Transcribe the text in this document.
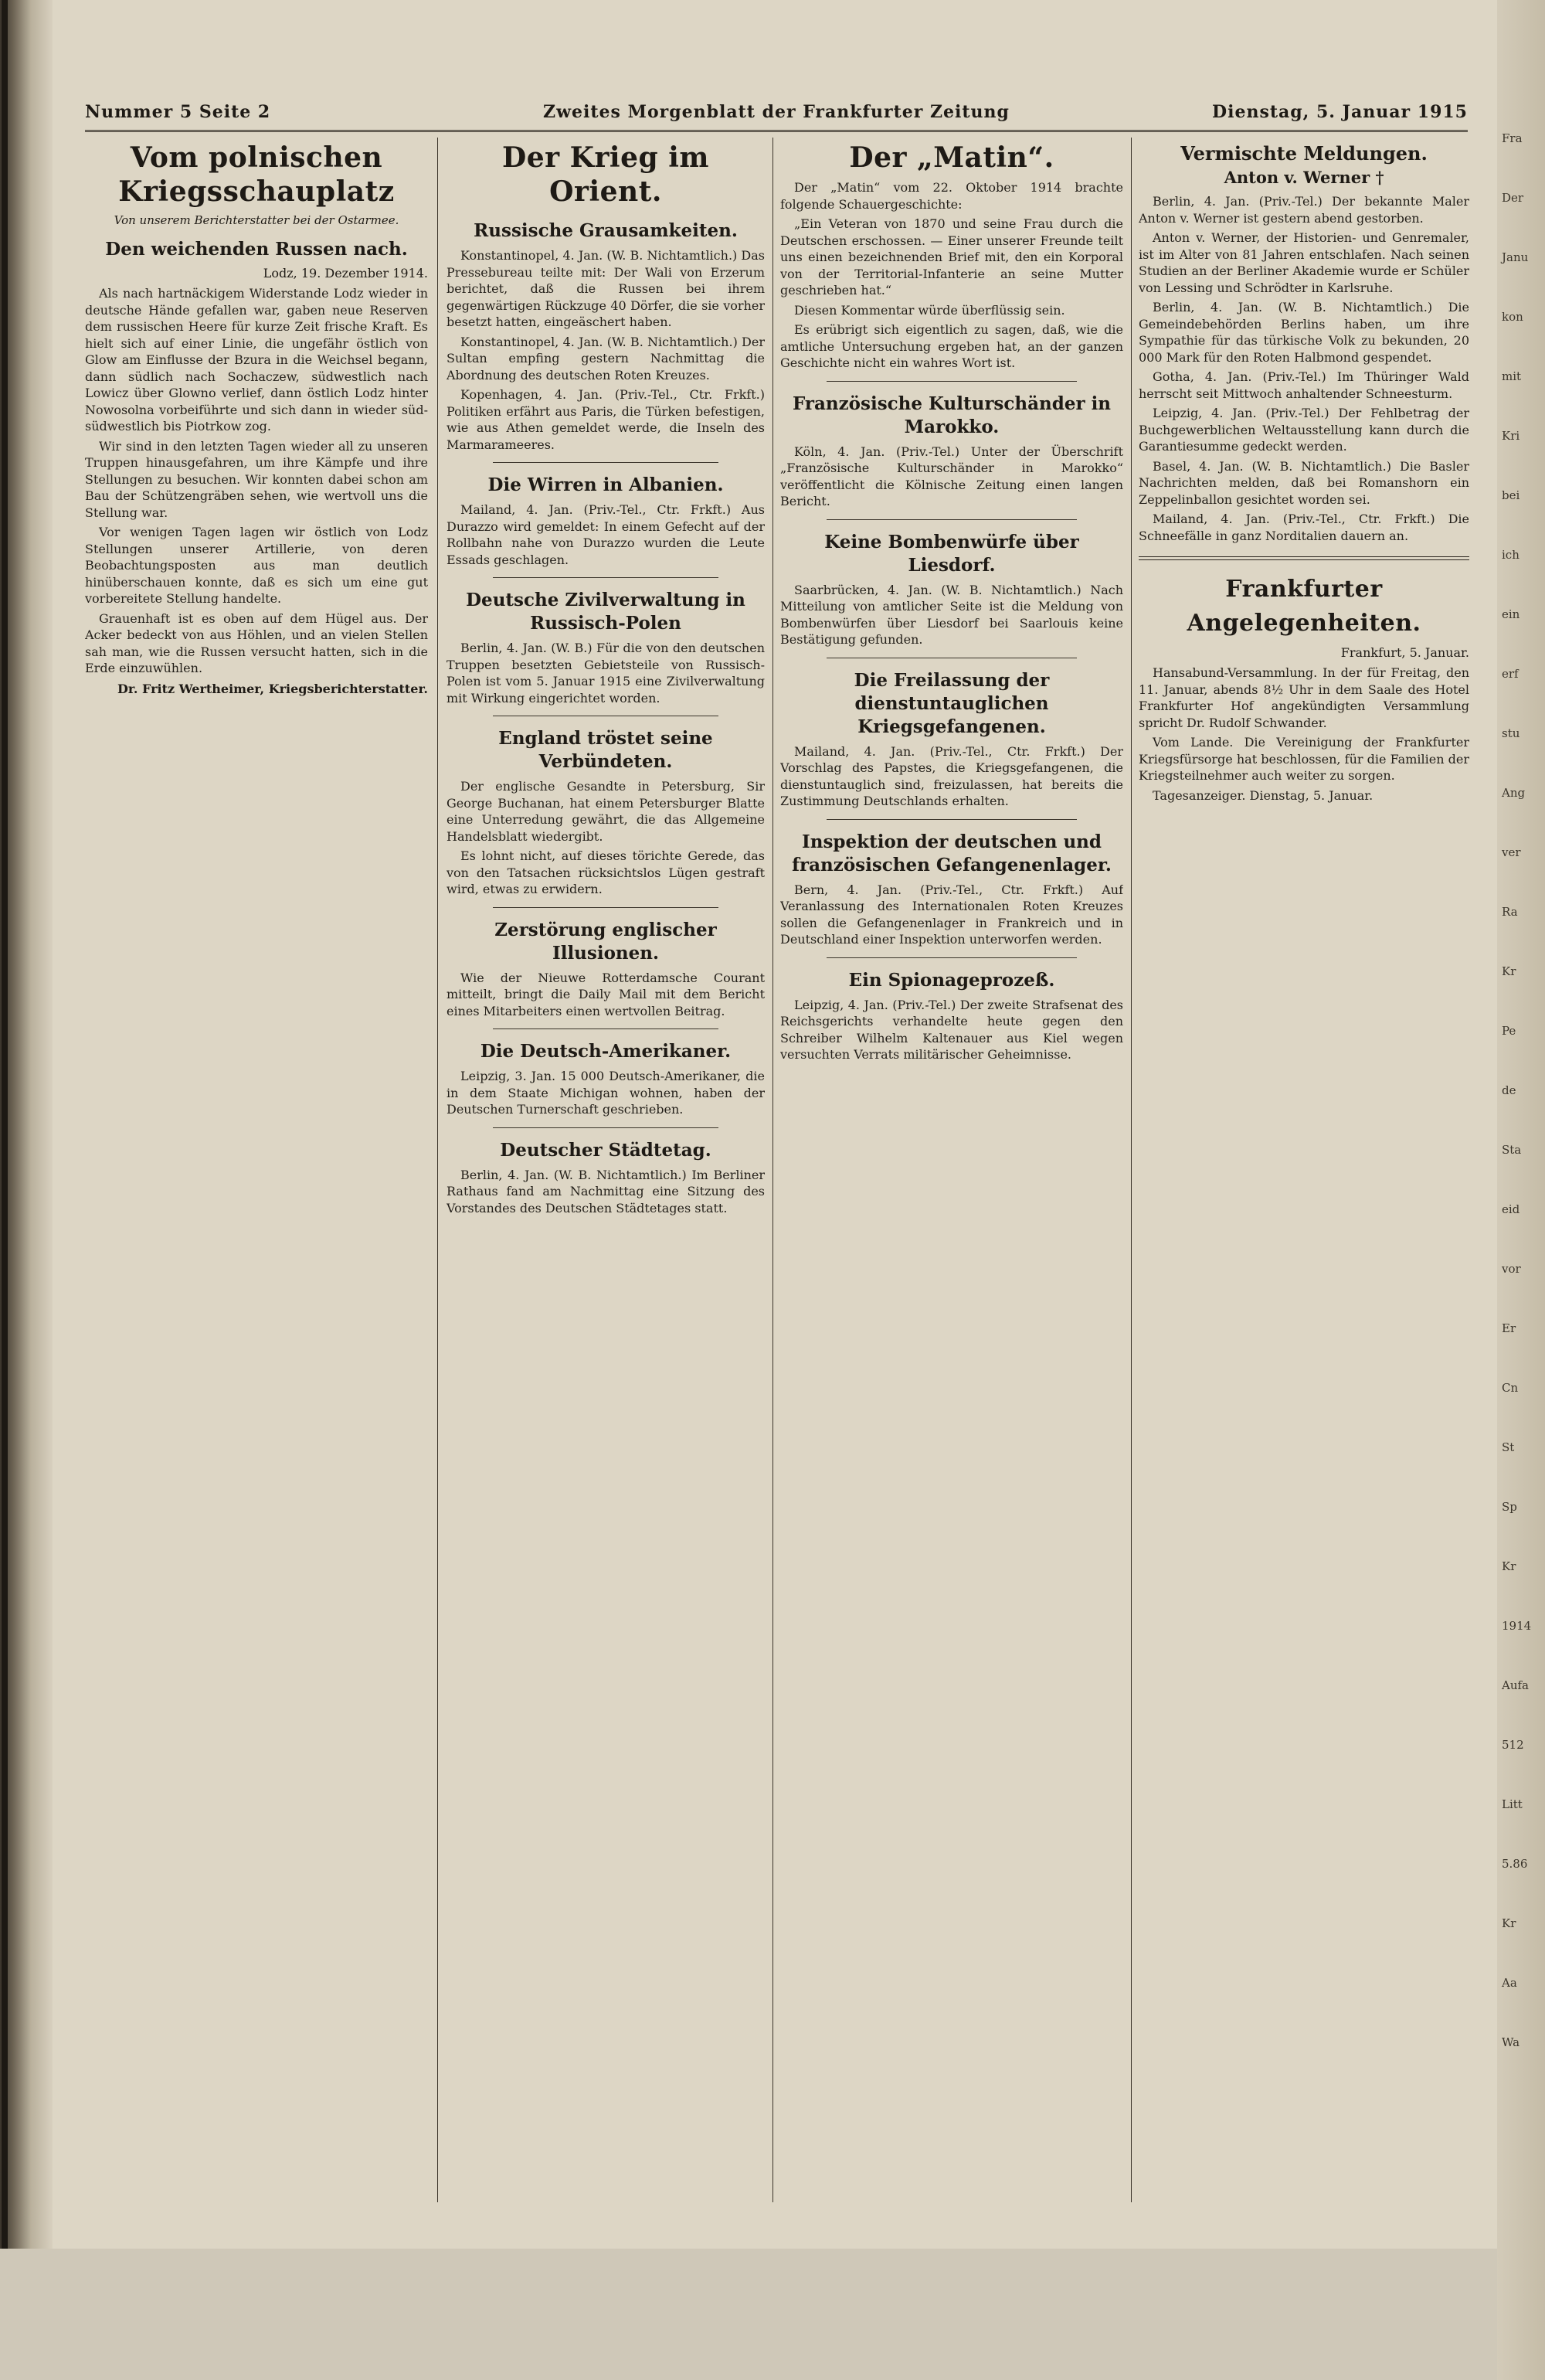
Nummer 5 Seite 2	Zweites Morgenblatt der Frankfurter Zeitung	Dienstag, 5. Januar 1915
Vom polnischen Kriegsschauplatz
Von unserem Berichterstatter bei der Ostarmee.
Den weichenden Russen nach.
Lodz, 19. Dezember 1914.

Als nach hartnäckigem Widerstande Lodz wieder in deutsche Hände gefallen war, gaben neue Reserven dem russischen Heere für kurze Zeit frische Kraft. Es hielt sich auf einer Linie, die ungefähr östlich von Glow am Einflusse der Bzura in die Weichsel begann, dann südlich nach Sochaczew, südwestlich nach Lowicz über Glowno verlief, dann östlich Lodz hinter Nowosolna vorbeiführte und sich dann in wieder süd-südwestlich bis Piotrkow zog.

Wir sind in den letzten Tagen wieder all zu unseren Truppen hinausgefahren, um ihre Kämpfe und ihre Stellungen zu besuchen. Wir konnten dabei schon am Bau der Schützengräben sehen, wie wertvoll uns die Stellung war.

Vor wenigen Tagen lagen wir östlich von Lodz Stellungen unserer Artillerie, von deren Beobachtungsposten aus man deutlich hinüberschauen konnte, daß es sich um eine gut vorbereitete Stellung handelte.

Grauenhaft ist es oben auf dem Hügel aus. Der Acker bedeckt von aus Höhlen, und an vielen Stellen sah man, wie die Russen versucht hatten, sich in die Erde einzuwühlen.

Dr. Fritz Wertheimer, Kriegsberichterstatter.
Der Krieg im Orient.
Russische Grausamkeiten.

Konstantinopel, 4. Jan. (W. B. Nichtamtlich.) Das Pressebureau teilte mit: Der Wali von Erzerum berichtet, daß die Russen bei ihrem gegenwärtigen Rückzuge 40 Dörfer, die sie vorher besetzt hatten, eingeäschert haben.

Konstantinopel, 4. Jan. (W. B. Nichtamtlich.) Der Sultan empfing gestern Nachmittag die Abordnung des deutschen Roten Kreuzes.

Kopenhagen, 4. Jan. (Priv.-Tel., Ctr. Frkft.) Politiken erfährt aus Paris, die Türken befestigen, wie aus Athen gemeldet werde, die Inseln des Marmarameeres.

Die Wirren in Albanien.

Mailand, 4. Jan. (Priv.-Tel., Ctr. Frkft.) Aus Durazzo wird gemeldet: In einem Gefecht auf der Rollbahn nahe von Durazzo wurden die Leute Essads geschlagen.

Deutsche Zivilverwaltung in Russisch-Polen

Berlin, 4. Jan. (W. B.) Für die von den deutschen Truppen besetzten Gebietsteile von Russisch-Polen ist vom 5. Januar 1915 eine Zivilverwaltung mit Wirkung eingerichtet worden.

England tröstet seine Verbündeten.

Der englische Gesandte in Petersburg, Sir George Buchanan, hat einem Petersburger Blatte eine Unterredung gewährt, die das Allgemeine Handelsblatt wiedergibt.

Es lohnt nicht, auf dieses törichte Gerede, das von den Tatsachen rücksichtslos Lügen gestraft wird, etwas zu erwidern.

Zerstörung englischer Illusionen.

Wie der Nieuwe Rotterdamsche Courant mitteilt, bringt die Daily Mail mit dem Bericht eines Mitarbeiters einen wertvollen Beitrag.

Die Deutsch-Amerikaner.

Leipzig, 3. Jan. 15 000 Deutsch-Amerikaner, die in dem Staate Michigan wohnen, haben der Deutschen Turnerschaft geschrieben.

Deutscher Städtetag.

Berlin, 4. Jan. (W. B. Nichtamtlich.) Im Berliner Rathaus fand am Nachmittag eine Sitzung des Vorstandes des Deutschen Städtetages statt.

Der „Matin“.

Der „Matin“ vom 22. Oktober 1914 brachte folgende Schauergeschichte:

„Ein Veteran von 1870 und seine Frau durch die Deutschen erschossen. — Einer unserer Freunde teilt uns einen bezeichnenden Brief mit, den ein Korporal von der Territorial-Infanterie an seine Mutter geschrieben hat.“

Diesen Kommentar würde überflüssig sein.

Es erübrigt sich eigentlich zu sagen, daß, wie die amtliche Untersuchung ergeben hat, an der ganzen Geschichte nicht ein wahres Wort ist.

Französische Kulturschänder in Marokko.

Köln, 4. Jan. (Priv.-Tel.) Unter der Überschrift „Französische Kulturschänder in Marokko“ veröffentlicht die Kölnische Zeitung einen langen Bericht.

Keine Bombenwürfe über Liesdorf.

Saarbrücken, 4. Jan. (W. B. Nichtamtlich.) Nach Mitteilung von amtlicher Seite ist die Meldung von Bombenwürfen über Liesdorf bei Saarlouis keine Bestätigung gefunden.

Die Freilassung der dienstuntauglichen Kriegsgefangenen.

Mailand, 4. Jan. (Priv.-Tel., Ctr. Frkft.) Der Vorschlag des Papstes, die Kriegsgefangenen, die dienstuntauglich sind, freizulassen, hat bereits die Zustimmung Deutschlands erhalten.

Inspektion der deutschen und französischen Gefangenenlager.

Bern, 4. Jan. (Priv.-Tel., Ctr. Frkft.) Auf Veranlassung des Internationalen Roten Kreuzes sollen die Gefangenenlager in Frankreich und in Deutschland einer Inspektion unterworfen werden.

Ein Spionageprozeß.

Leipzig, 4. Jan. (Priv.-Tel.) Der zweite Strafsenat des Reichsgerichts verhandelte heute gegen den Schreiber Wilhelm Kaltenauer aus Kiel wegen versuchten Verrats militärischer Geheimnisse.

Vermischte Meldungen.
Anton v. Werner †

Berlin, 4. Jan. (Priv.-Tel.) Der bekannte Maler Anton v. Werner ist gestern abend gestorben.

Anton v. Werner, der Historien- und Genremaler, ist im Alter von 81 Jahren entschlafen. Nach seinen Studien an der Berliner Akademie wurde er Schüler von Lessing und Schrödter in Karlsruhe.

Berlin, 4. Jan. (W. B. Nichtamtlich.) Die Gemeindebehörden Berlins haben, um ihre Sympathie für das türkische Volk zu bekunden, 20 000 Mark für den Roten Halbmond gespendet.

Gotha, 4. Jan. (Priv.-Tel.) Im Thüringer Wald herrscht seit Mittwoch anhaltender Schneesturm.

Leipzig, 4. Jan. (Priv.-Tel.) Der Fehlbetrag der Buchgewerblichen Weltausstellung kann durch die Garantiesumme gedeckt werden.

Basel, 4. Jan. (W. B. Nichtamtlich.) Die Basler Nachrichten melden, daß bei Romanshorn ein Zeppelinballon gesichtet worden sei.

Mailand, 4. Jan. (Priv.-Tel., Ctr. Frkft.) Die Schneefälle in ganz Norditalien dauern an.

Frankfurter Angelegenheiten.
Frankfurt, 5. Januar.

Hansabund-Versammlung. In der für Freitag, den 11. Januar, abends 8½ Uhr in dem Saale des Hotel Frankfurter Hof angekündigten Versammlung spricht Dr. Rudolf Schwander.

Vom Lande. Die Vereinigung der Frankfurter Kriegsfürsorge hat beschlossen, für die Familien der Kriegsteilnehmer auch weiter zu sorgen.

Tagesanzeiger. Dienstag, 5. Januar.

Fra
Der
Janu
kon
mit
Kri
bei
ich
ein
erf
stu
Ang
ver
Ra
Kr
Pe
de
Sta
eid
vor
Er
Cn
St
Sp
Kr
1914
Aufa
512
Litt
5.86
Kr
Aa
Wa
